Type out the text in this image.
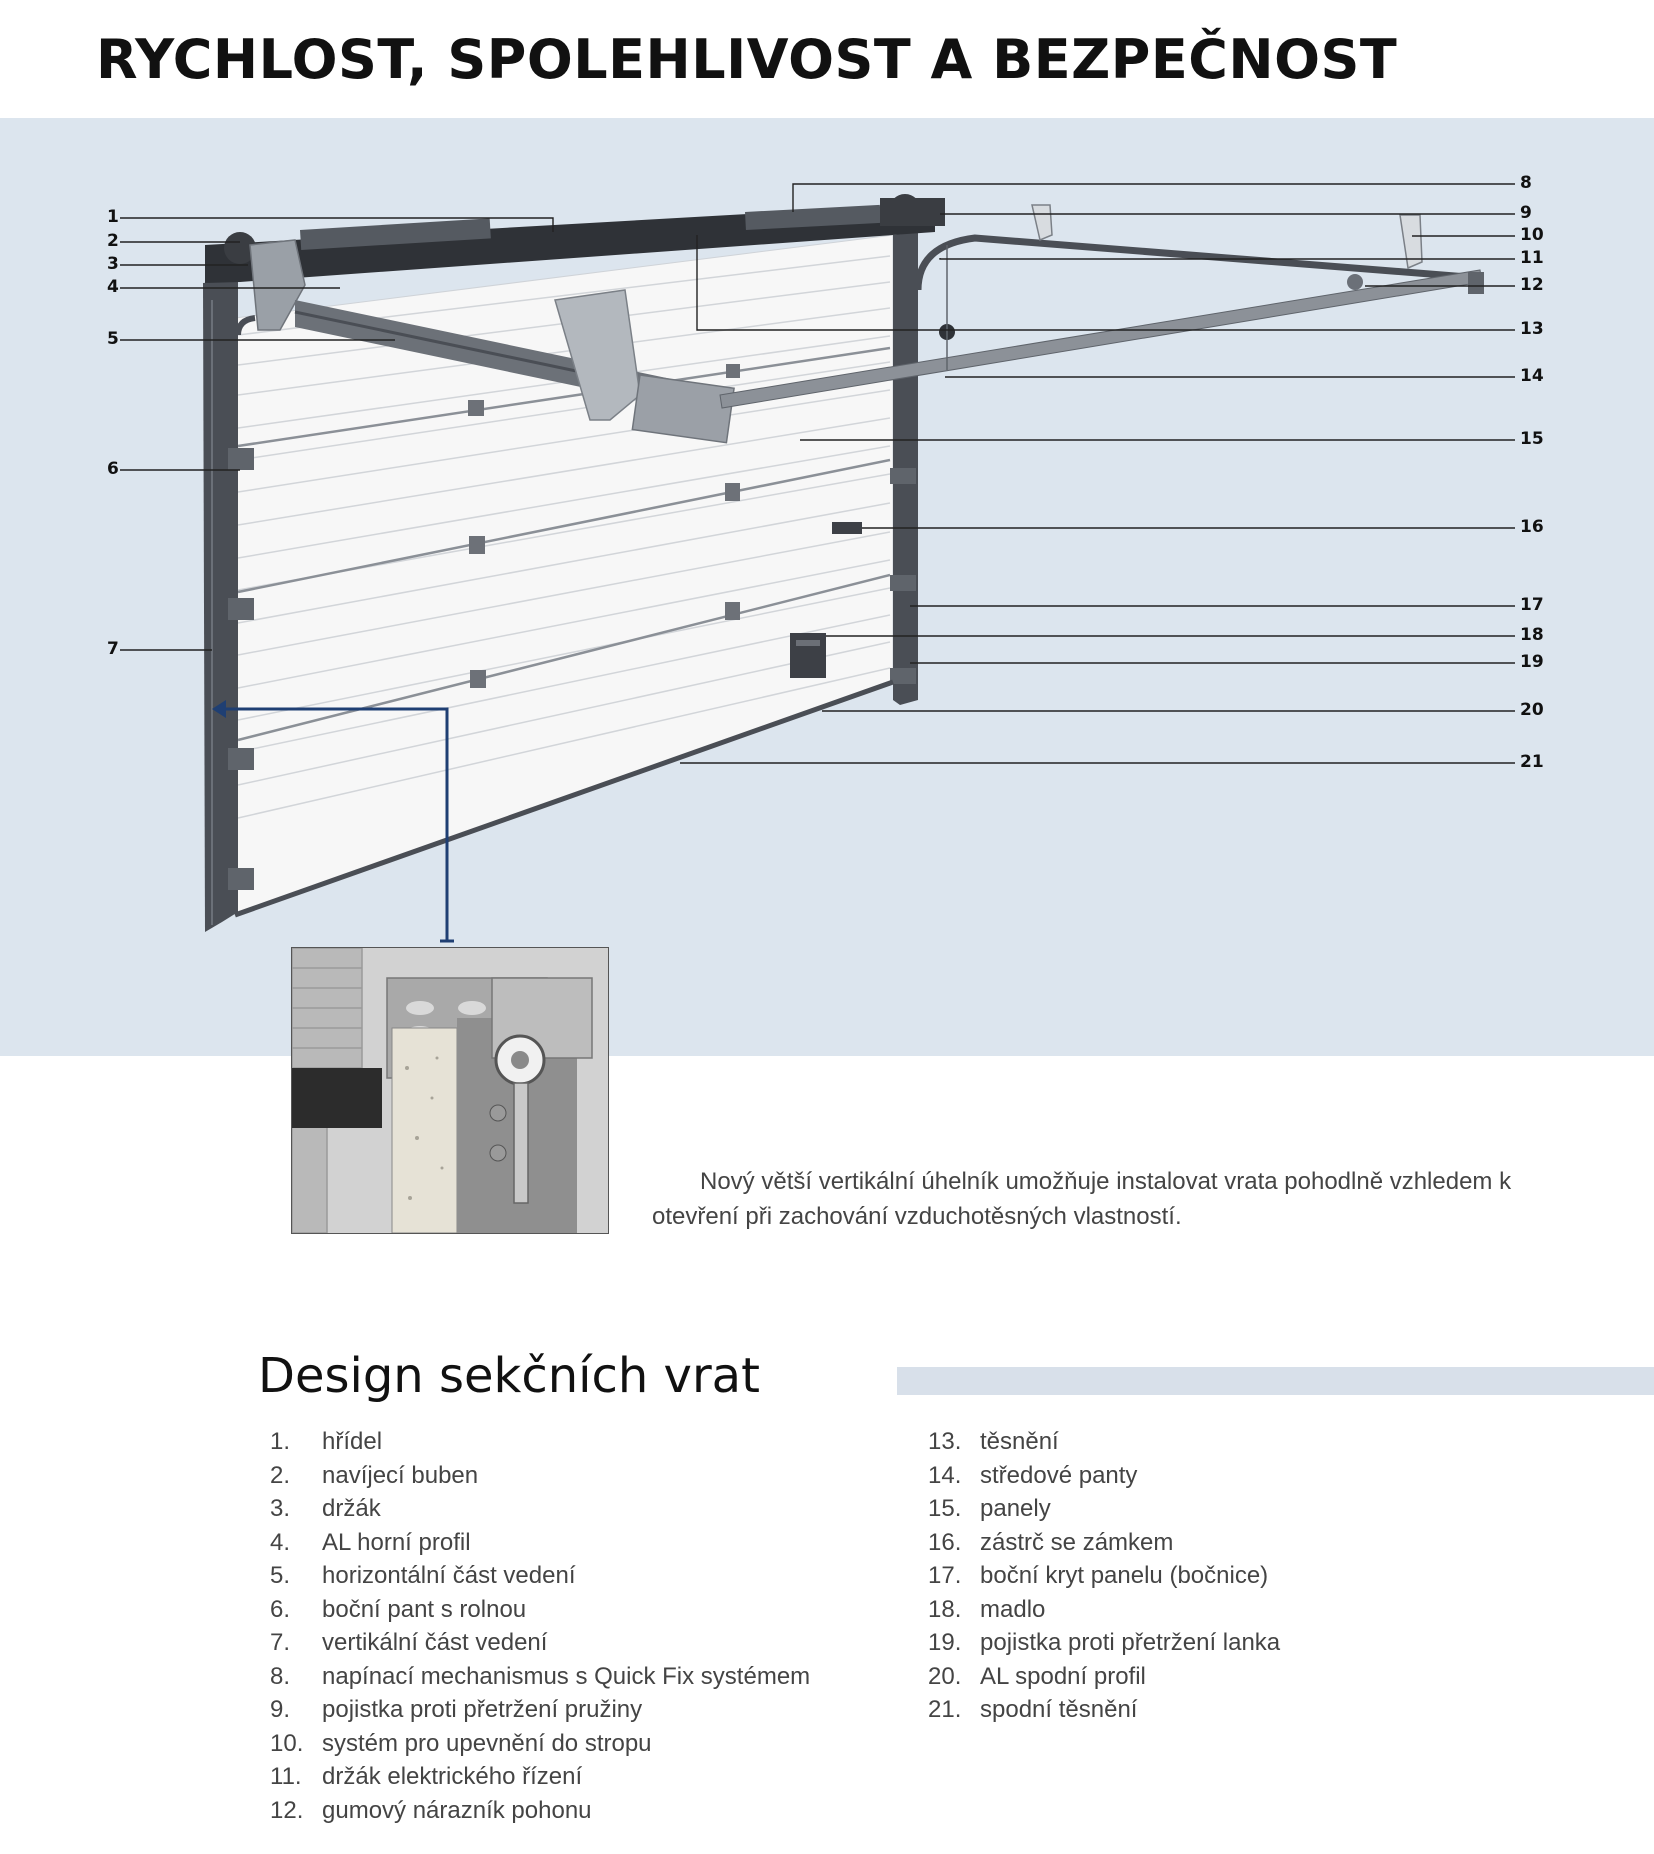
RYCHLOST, SPOLEHLIVOST A BEZPEČNOST
1
2
3
4
5
6
7
8
9
10
11
12
13
14
15
16
17
18
19
20
21

Nový větší vertikální úhelník umožňuje instalovat vrata pohodlně vzhledem k otevření při zachování vzduchotěsných vlastností.

Design sekčních vrat
1. hřídel
2. navíjecí buben
3. držák
4. AL horní profil
5. horizontální část vedení
6. boční pant s rolnou
7. vertikální část vedení
8. napínací mechanismus s Quick Fix systémem
9. pojistka proti přetržení pružiny
10. systém pro upevnění do stropu
11. držák elektrického řízení
12. gumový nárazník pohonu
13. těsnění
14. středové panty
15. panely
16. zástrč se zámkem
17. boční kryt panelu (bočnice)
18. madlo
19. pojistka proti přetržení lanka
20. AL spodní profil
21. spodní těsnění
